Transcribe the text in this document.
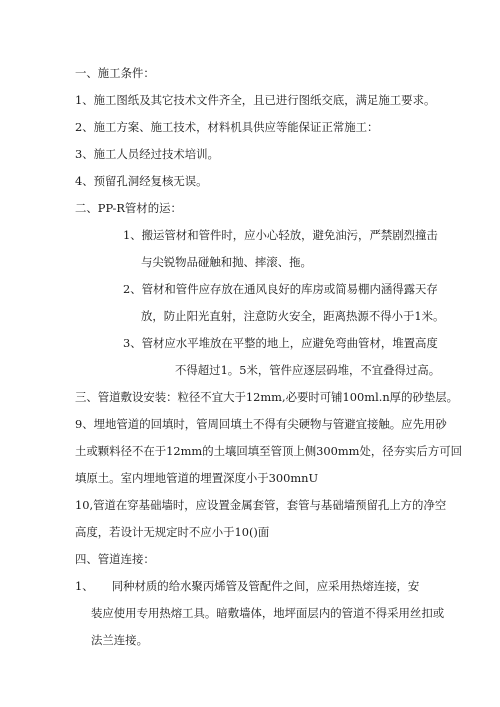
一、施工条件：
1、施工图纸及其它技术文件齐全，且已进行图纸交底，满足施工要求。
2、施工方案、施工技术，材料机具供应等能保证正常施工：
3、施工人员经过技术培训。
4、预留孔洞经复核无误。
二、PP-R管材的运：
1、搬运管材和管件时，应小心轻放，避免油污，严禁剧烈撞击
与尖锐物品碰触和抛、摔滚、拖。
2、管材和管件应存放在通风良好的库房或简易棚内涵得露天存
放，防止阳光直射，注意防火安全，距离热源不得小于1米。
3、管材应水平堆放在平整的地上，应避免弯曲管材，堆置高度
不得超过1。5米，管件应逐层码堆，不宜叠得过高。
三、管道敷设安装：粒径不宜大于12mm,必要时可铺100ml.n厚的砂垫层。
9、埋地管道的回填时，管周回填土不得有尖硬物与管避宜接触。应先用砂
土或颗料径不在于12mm的土壤回填至管顶上侧300mm处，径夯实后方可回
填原土。室内埋地管道的埋置深度小于300mnU
10,管道在穿基础墙时，应设置金属套管，套管与基础墙预留孔上方的净空
高度，若设计无规定时不应小于10()面
四、管道连接：
1、     同种材质的给水聚丙烯管及管配件之间，应采用热熔连接，安
装应使用专用热熔工具。暗敷墙体，地坪面层内的管道不得采用丝扣或
法兰连接。
